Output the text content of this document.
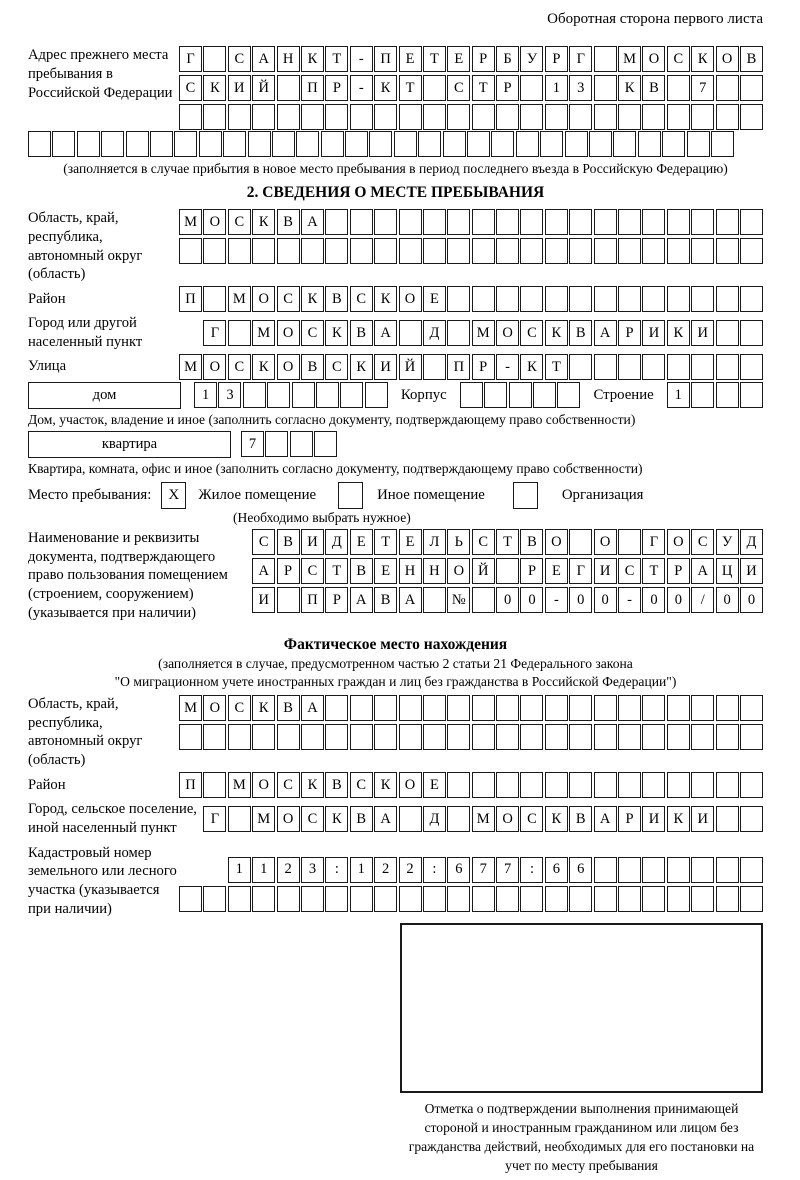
Оборотная сторона первого листа
Адрес прежнего места пребывания в Российской Федерации
Г	С А Н К	Т	-	П	Е	Т	Е	Р	Б	У	Р	Г	М О С	К О В
С	К И Й	П	Р	-	К	Т	С	Т	Р	1	3	К	В	7
(заполняется в случае прибытия в новое место пребывания в период последнего въезда в Российскую Федерацию)
2. СВЕДЕНИЯ О МЕСТЕ ПРЕБЫВАНИЯ
Область, край, республика, автономный округ (область)
М О С	К	В А
Район	П	М О С	К	В	С	К О	Е
Город или другой населенный пункт
Г	М О С	К	В А	Д	М О С	К	В А	Р	И К И
Улица	М О С	К О В	С	К И Й	П	Р	-	К	Т
дом	1	3	Корпус	Строение	1
Дом, участок, владение и иное (заполнить согласно документу, подтверждающему право собственности)
квартира	7
Квартира, комната, офис и иное (заполнить согласно документу, подтверждающему право собственности)
Место пребывания:	X	Жилое помещение	Иное помещение	Организация
(Необходимо выбрать нужное)
Наименование и реквизиты документа, подтверждающего право пользования помещением (строением, сооружением) (указывается при наличии)
С	В И Д	Е	Т	Е	Л	Ь	С	Т	В О	О	Г	О С У Д
А	Р	С	Т	В	Е	Н Н О Й	Р	Е	Г	И С	Т	Р	А Ц И
И	П	Р	А В А	№	0	0	-	0	0	-	0	0	/	0	0
Фактическое место нахождения
(заполняется в случае, предусмотренном частью 2 статьи 21 Федерального закона
"О миграционном учете иностранных граждан и лиц без гражданства в Российской Федерации")
Область, край, республика, автономный округ (область)
М О С	К	В А
Район	П	М О С	К	В	С	К О	Е
Город, сельское поселение, иной населенный пункт
Г	М О С	К	В А	Д	М О С	К	В А	Р	И К И
Кадастровый номер земельного или лесного участка (указывается при наличии)
1	1	2	3	:	1	2	2	:	6	7	7	:	6	6
Отметка о подтверждении выполнения принимающей стороной и иностранным гражданином или лицом без гражданства действий, необходимых для его постановки на учет по месту пребывания
